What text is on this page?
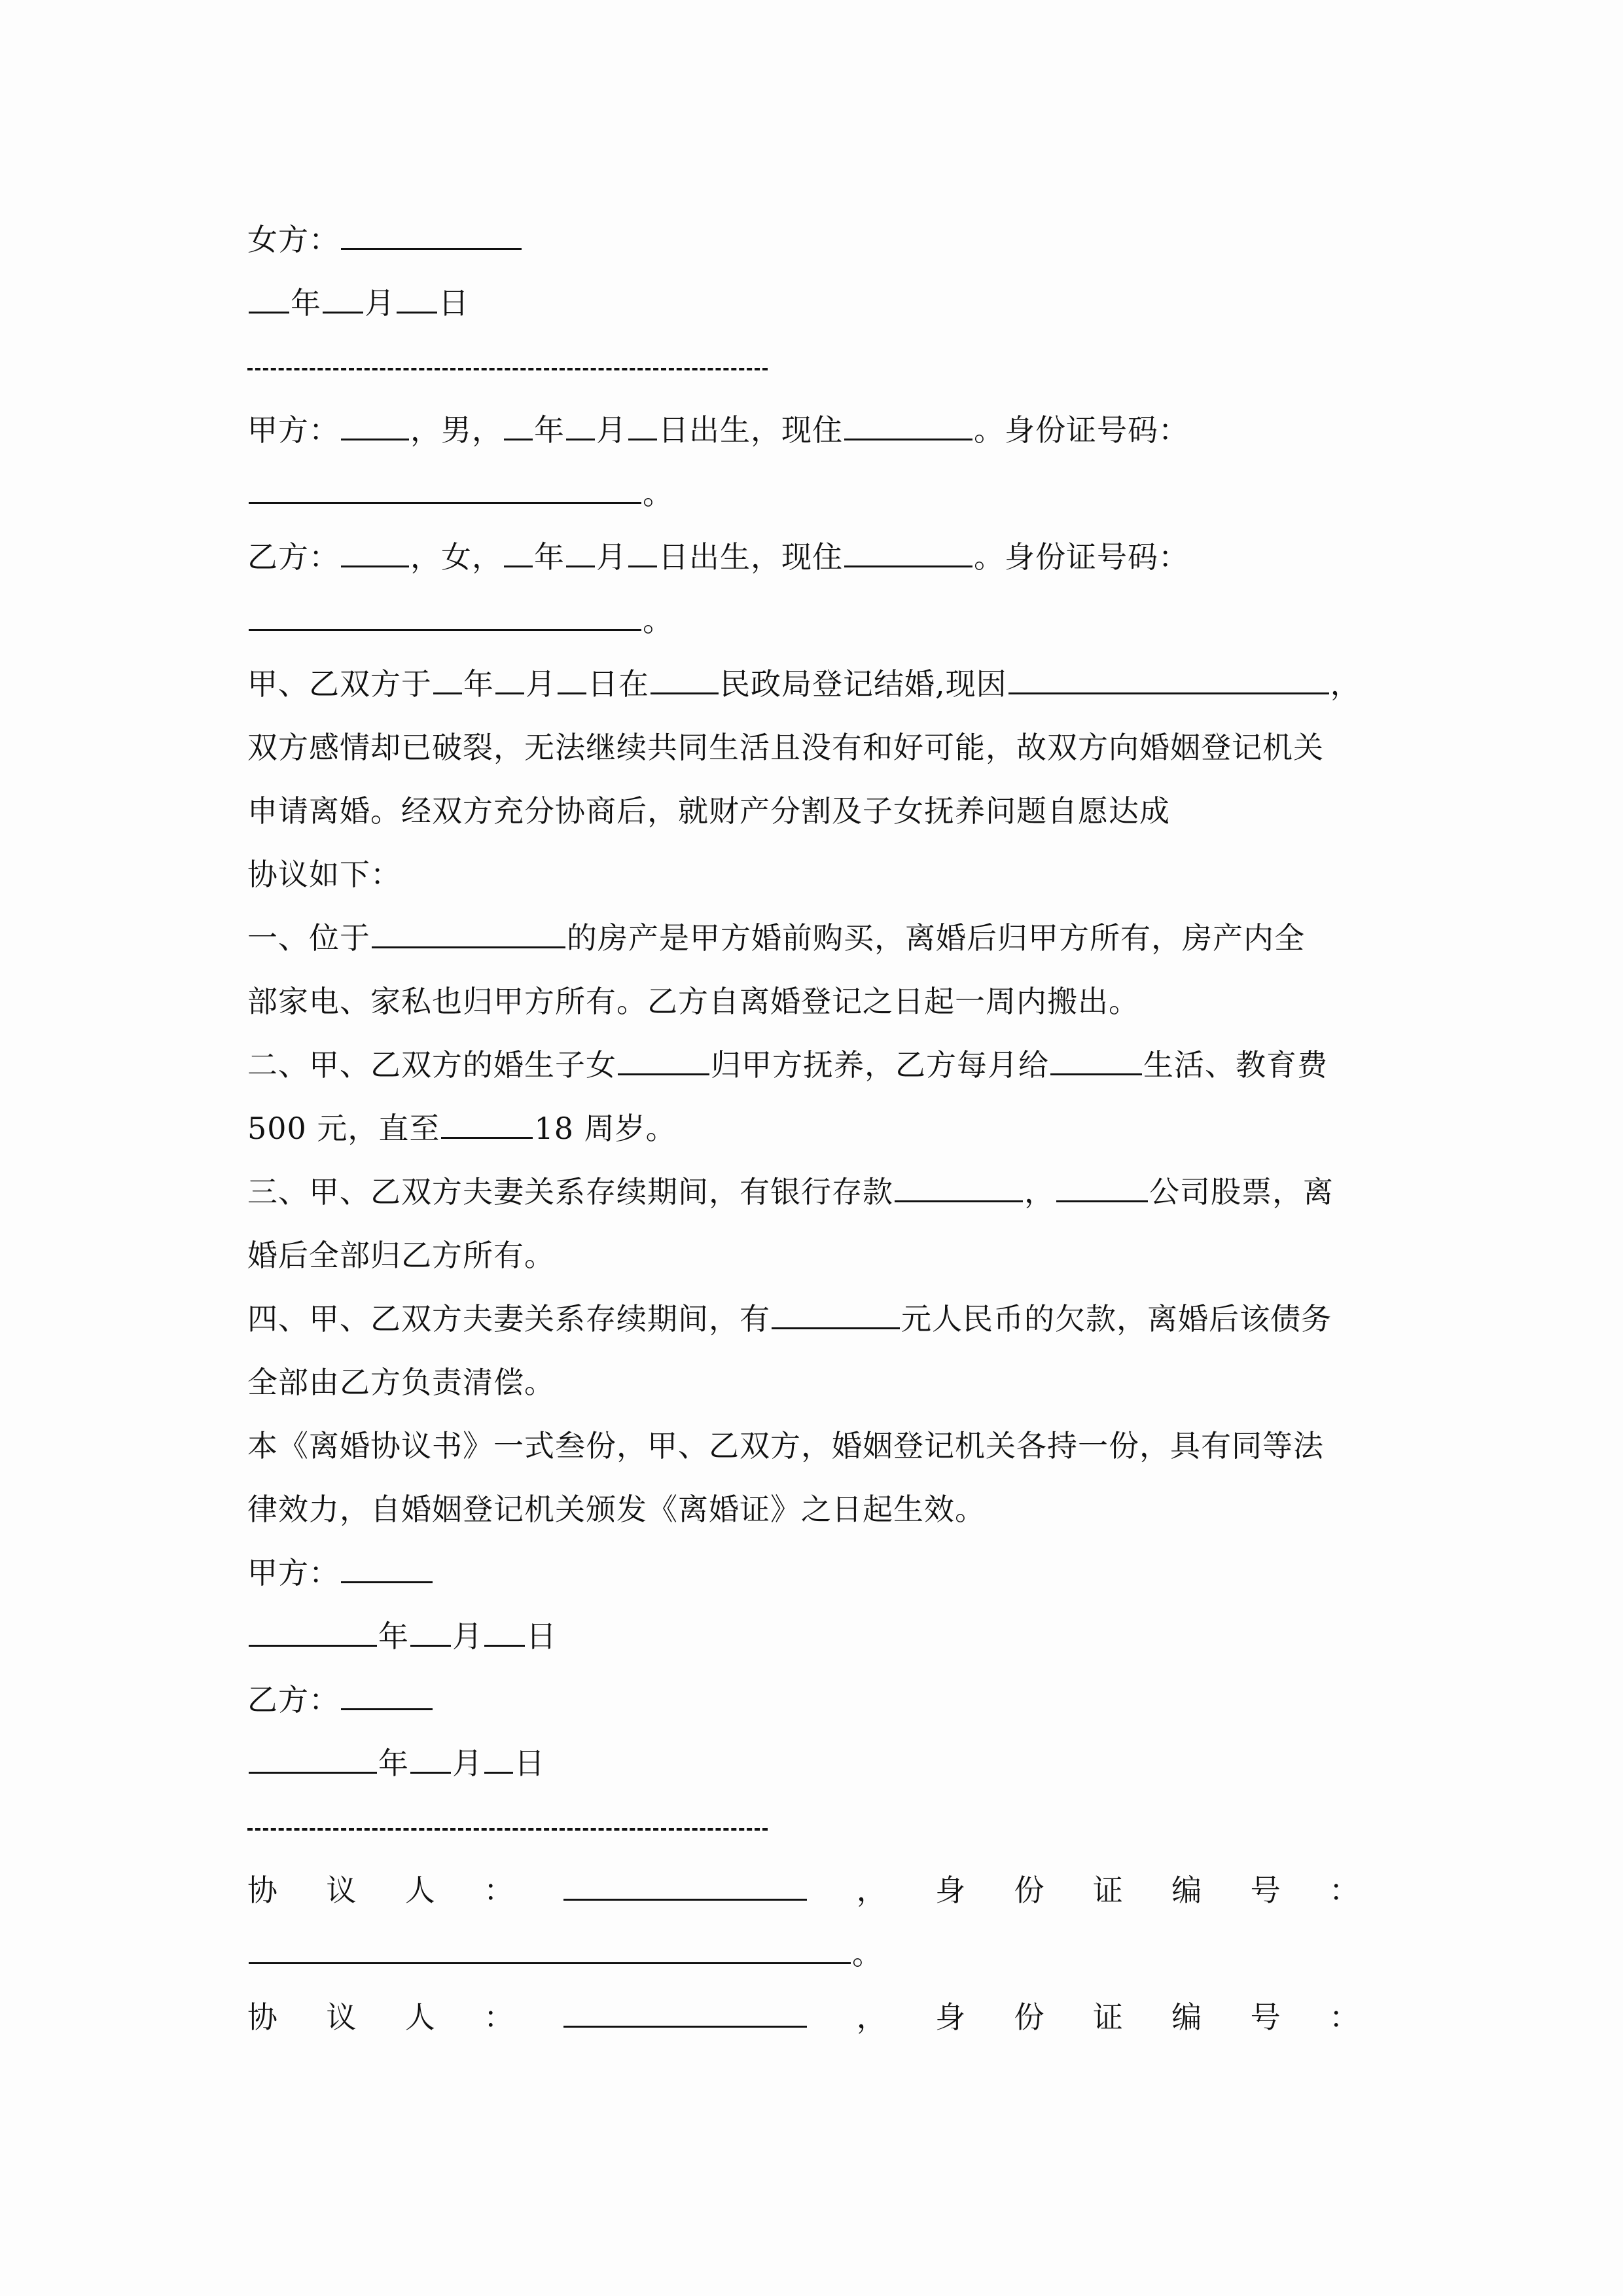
女方：
年 月 日
甲方： ，男， 年 月 日出生，现住	。身份证号码：
。
乙方： ，女， 年 月 日出生，现住	。身份证号码：
。
甲、乙双方于 年 月 日在 民政局登记结婚,现因	，
双方感情却已破裂，无法继续共同生活且没有和好可能，故双方向婚姻登记机关
申请离婚。经双方充分协商后，就财产分割及子女抚养问题自愿达成
协议如下：
一、位于	的房产是甲方婚前购买，离婚后归甲方所有，房产内全
部家电、家私也归甲方所有。乙方自离婚登记之日起一周内搬出。
二、甲、乙双方的婚生子女	归甲方抚养，乙方每月给	生活、教育费
500 元，直至	18 周岁。
三、甲、乙双方夫妻关系存续期间，有银行存款	，	公司股票，离
婚后全部归乙方所有。
四、甲、乙双方夫妻关系存续期间，有	元人民币的欠款，离婚后该债务
全部由乙方负责清偿。
本《离婚协议书》一式叁份，甲、乙双方，婚姻登记机关各持一份，具有同等法
律效力，自婚姻登记机关颁发《离婚证》之日起生效。
甲方：
年 月 日
乙方：
年 月 日
协 议 人 ：	， 身 份 证 编 号 ：
。
协 议 人 ：	， 身 份 证 编 号 ：
